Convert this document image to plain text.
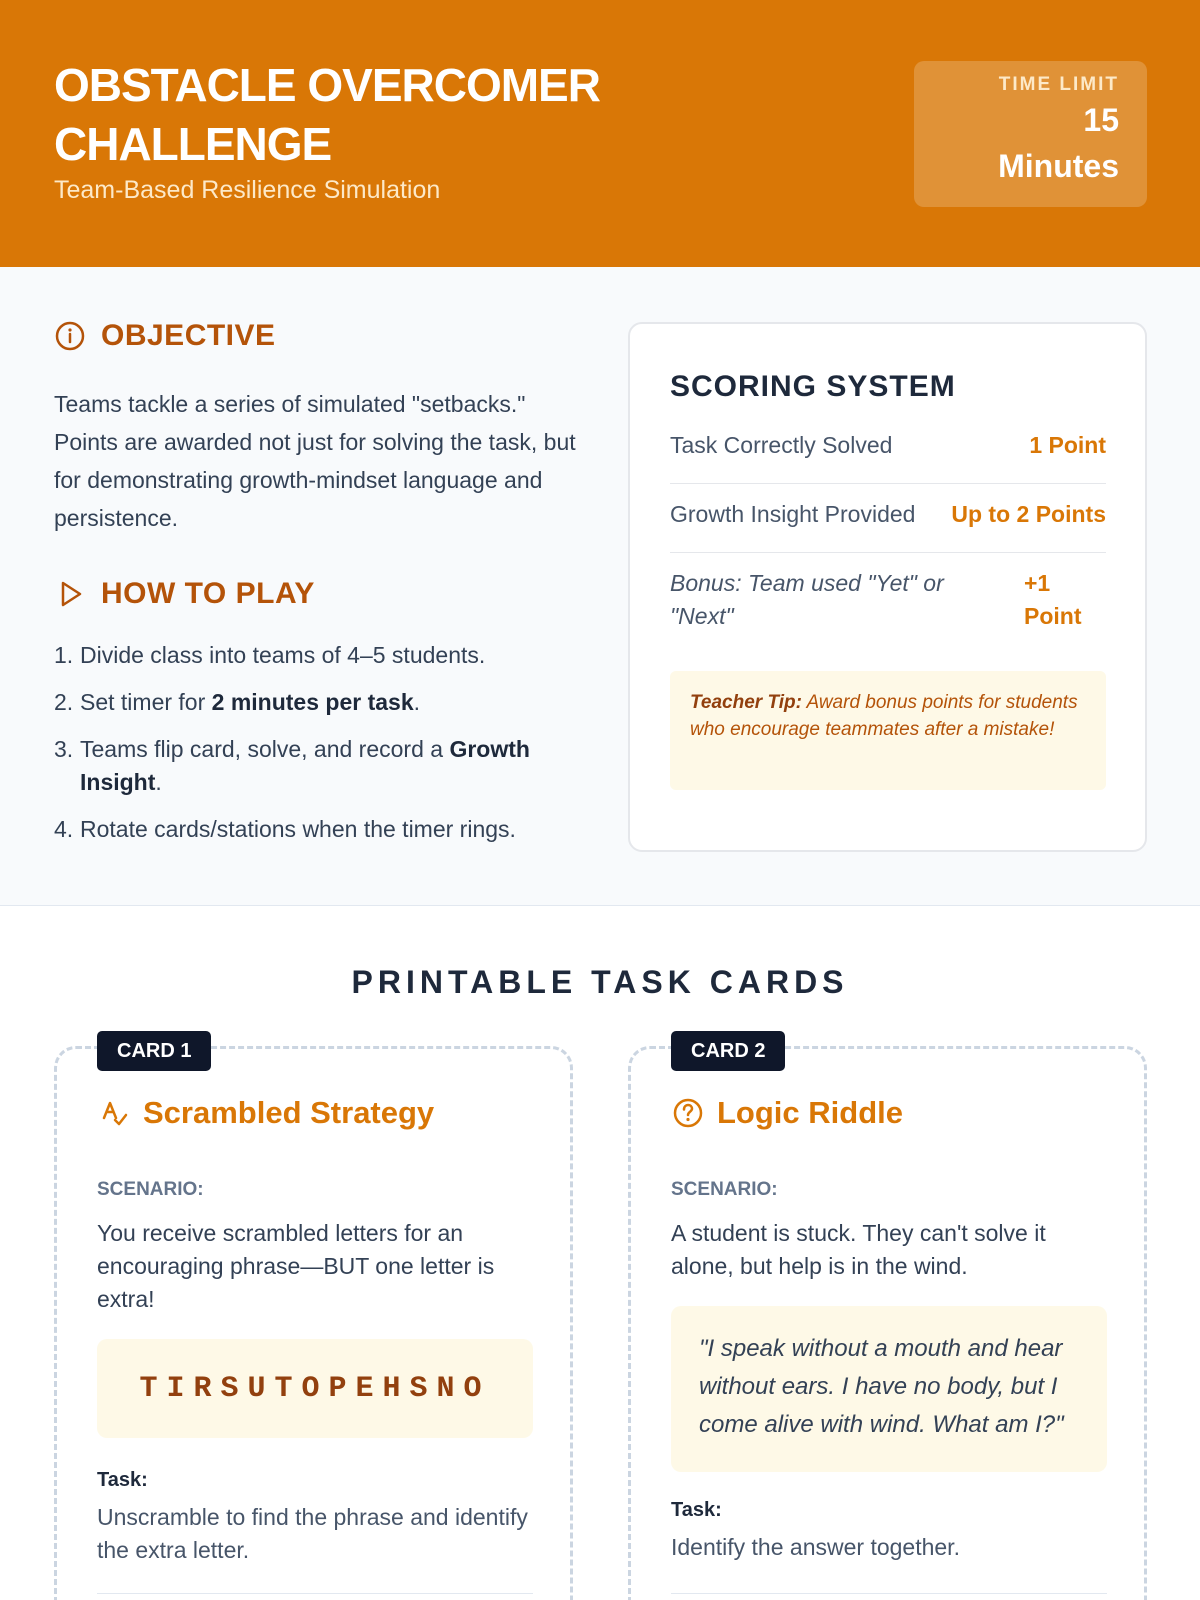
OBSTACLE OVERCOMER CHALLENGE
Team-Based Resilience Simulation
TIME LIMIT
15 Minutes
OBJECTIVE
Teams tackle a series of simulated "setbacks." Points are awarded not just for solving the task, but for demonstrating growth-mindset language and persistence.
HOW TO PLAY
1. Divide class into teams of 4–5 students.
2. Set timer for 2 minutes per task.
3. Teams flip card, solve, and record a Growth Insight.
4. Rotate cards/stations when the timer rings.
SCORING SYSTEM
Task Correctly Solved	1 Point
Growth Insight Provided Up to 2 Points
Bonus: Team used "Yet" or "Next"
+1 Point
Teacher Tip: Award bonus points for students who encourage teammates after a mistake!
PRINTABLE TASK CARDS
CARD 1
Scrambled Strategy
SCENARIO:
You receive scrambled letters for an encouraging phrase—BUT one letter is extra!
TIRSUTOPEHSNO
Task:
Unscramble to find the phrase and identify the extra letter.
CARD 2
Logic Riddle
SCENARIO:
A student is stuck. They can't solve it alone, but help is in the wind.
"I speak without a mouth and hear without ears. I have no body, but I come alive with wind. What am I?"
Task:
Identify the answer together.
